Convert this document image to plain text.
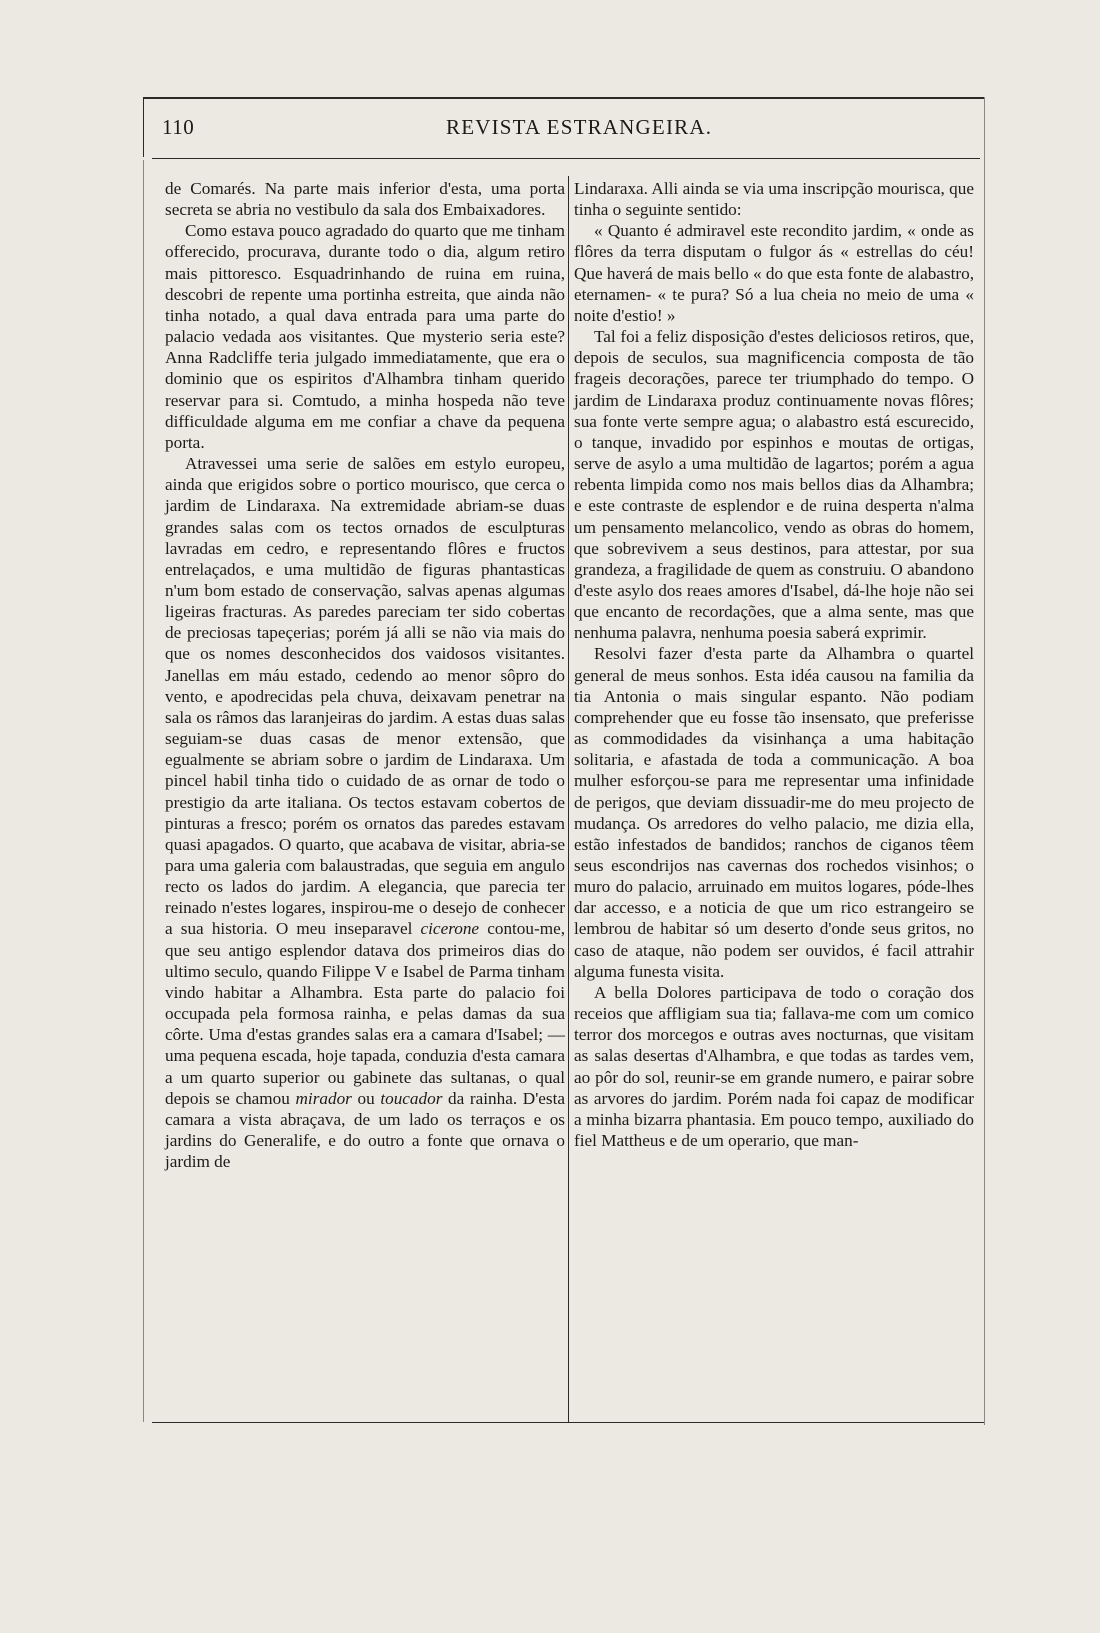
110	REVISTA ESTRANGEIRA.

de Comarés. Na parte mais inferior d'esta, uma porta secreta se abria no vestibulo da sala dos Embaixadores.

Como estava pouco agradado do quarto que me tinham offerecido, procurava, durante todo o dia, algum retiro mais pittoresco. Esquadrinhando de ruina em ruina, descobri de repente uma portinha estreita, que ainda não tinha notado, a qual dava entrada para uma parte do palacio vedada aos visitantes. Que mysterio seria este? Anna Radcliffe teria julgado immediatamente, que era o dominio que os espiritos d'Alhambra tinham querido reservar para si. Comtudo, a minha hospeda não teve difficuldade alguma em me confiar a chave da pequena porta.

Atravessei uma serie de salões em estylo europeu, ainda que erigidos sobre o portico mourisco, que cerca o jardim de Lindaraxa. Na extremidade abriam-se duas grandes salas com os tectos ornados de esculpturas lavradas em cedro, e representando flôres e fructos entrelaçados, e uma multidão de figuras phantasticas n'um bom estado de conservação, salvas apenas algumas ligeiras fracturas. As paredes pareciam ter sido cobertas de preciosas tapeçerias; porém já alli se não via mais do que os nomes desconhecidos dos vaidosos visitantes. Janellas em máu estado, cedendo ao menor sôpro do vento, e apodrecidas pela chuva, deixavam penetrar na sala os râmos das laranjeiras do jardim. A estas duas salas seguiam-se duas casas de menor extensão, que egualmente se abriam sobre o jardim de Lindaraxa. Um pincel habil tinha tido o cuidado de as ornar de todo o prestigio da arte italiana. Os tectos estavam cobertos de pinturas a fresco; porém os ornatos das paredes estavam quasi apagados. O quarto, que acabava de visitar, abria-se para uma galeria com balaustradas, que seguia em angulo recto os lados do jardim. A elegancia, que parecia ter reinado n'estes logares, inspirou-me o desejo de conhecer a sua historia. O meu inseparavel cicerone contou-me, que seu antigo esplendor datava dos primeiros dias do ultimo seculo, quando Filippe V e Isabel de Parma tinham vindo habitar a Alhambra. Esta parte do palacio foi occupada pela formosa rainha, e pelas damas da sua côrte. Uma d'estas grandes salas era a camara d'Isabel; — uma pequena escada, hoje tapada, conduzia d'esta camara a um quarto superior ou gabinete das sultanas, o qual depois se chamou mirador ou toucador da rainha. D'esta camara a vista abraçava, de um lado os terraços e os jardins do Generalife, e do outro a fonte que ornava o jardim de

Lindaraxa. Alli ainda se via uma inscripção mourisca, que tinha o seguinte sentido:

« Quanto é admiravel este recondito jardim, « onde as flôres da terra disputam o fulgor ás « estrellas do céu! Que haverá de mais bello « do que esta fonte de alabastro, eternamen- « te pura? Só a lua cheia no meio de uma « noite d'estio! »

Tal foi a feliz disposição d'estes deliciosos retiros, que, depois de seculos, sua magnificencia composta de tão frageis decorações, parece ter triumphado do tempo. O jardim de Lindaraxa produz continuamente novas flôres; sua fonte verte sempre agua; o alabastro está escurecido, o tanque, invadido por espinhos e moutas de ortigas, serve de asylo a uma multidão de lagartos; porém a agua rebenta limpida como nos mais bellos dias da Alhambra; e este contraste de esplendor e de ruina desperta n'alma um pensamento melancolico, vendo as obras do homem, que sobrevivem a seus destinos, para attestar, por sua grandeza, a fragilidade de quem as construiu. O abandono d'este asylo dos reaes amores d'Isabel, dá-lhe hoje não sei que encanto de recordações, que a alma sente, mas que nenhuma palavra, nenhuma poesia saberá exprimir.

Resolvi fazer d'esta parte da Alhambra o quartel general de meus sonhos. Esta idéa causou na familia da tia Antonia o mais singular espanto. Não podiam comprehender que eu fosse tão insensato, que preferisse as commodidades da visinhança a uma habitação solitaria, e afastada de toda a communicação. A boa mulher esforçou-se para me representar uma infinidade de perigos, que deviam dissuadir-me do meu projecto de mudança. Os arredores do velho palacio, me dizia ella, estão infestados de bandidos; ranchos de ciganos têem seus escondrijos nas cavernas dos rochedos visinhos; o muro do palacio, arruinado em muitos logares, póde-lhes dar accesso, e a noticia de que um rico estrangeiro se lembrou de habitar só um deserto d'onde seus gritos, no caso de ataque, não podem ser ouvidos, é facil attrahir alguma funesta visita.

A bella Dolores participava de todo o coração dos receios que affligiam sua tia; fallava-me com um comico terror dos morcegos e outras aves nocturnas, que visitam as salas desertas d'Alhambra, e que todas as tardes vem, ao pôr do sol, reunir-se em grande numero, e pairar sobre as arvores do jardim. Porém nada foi capaz de modificar a minha bizarra phantasia. Em pouco tempo, auxiliado do fiel Mattheus e de um operario, que man-
